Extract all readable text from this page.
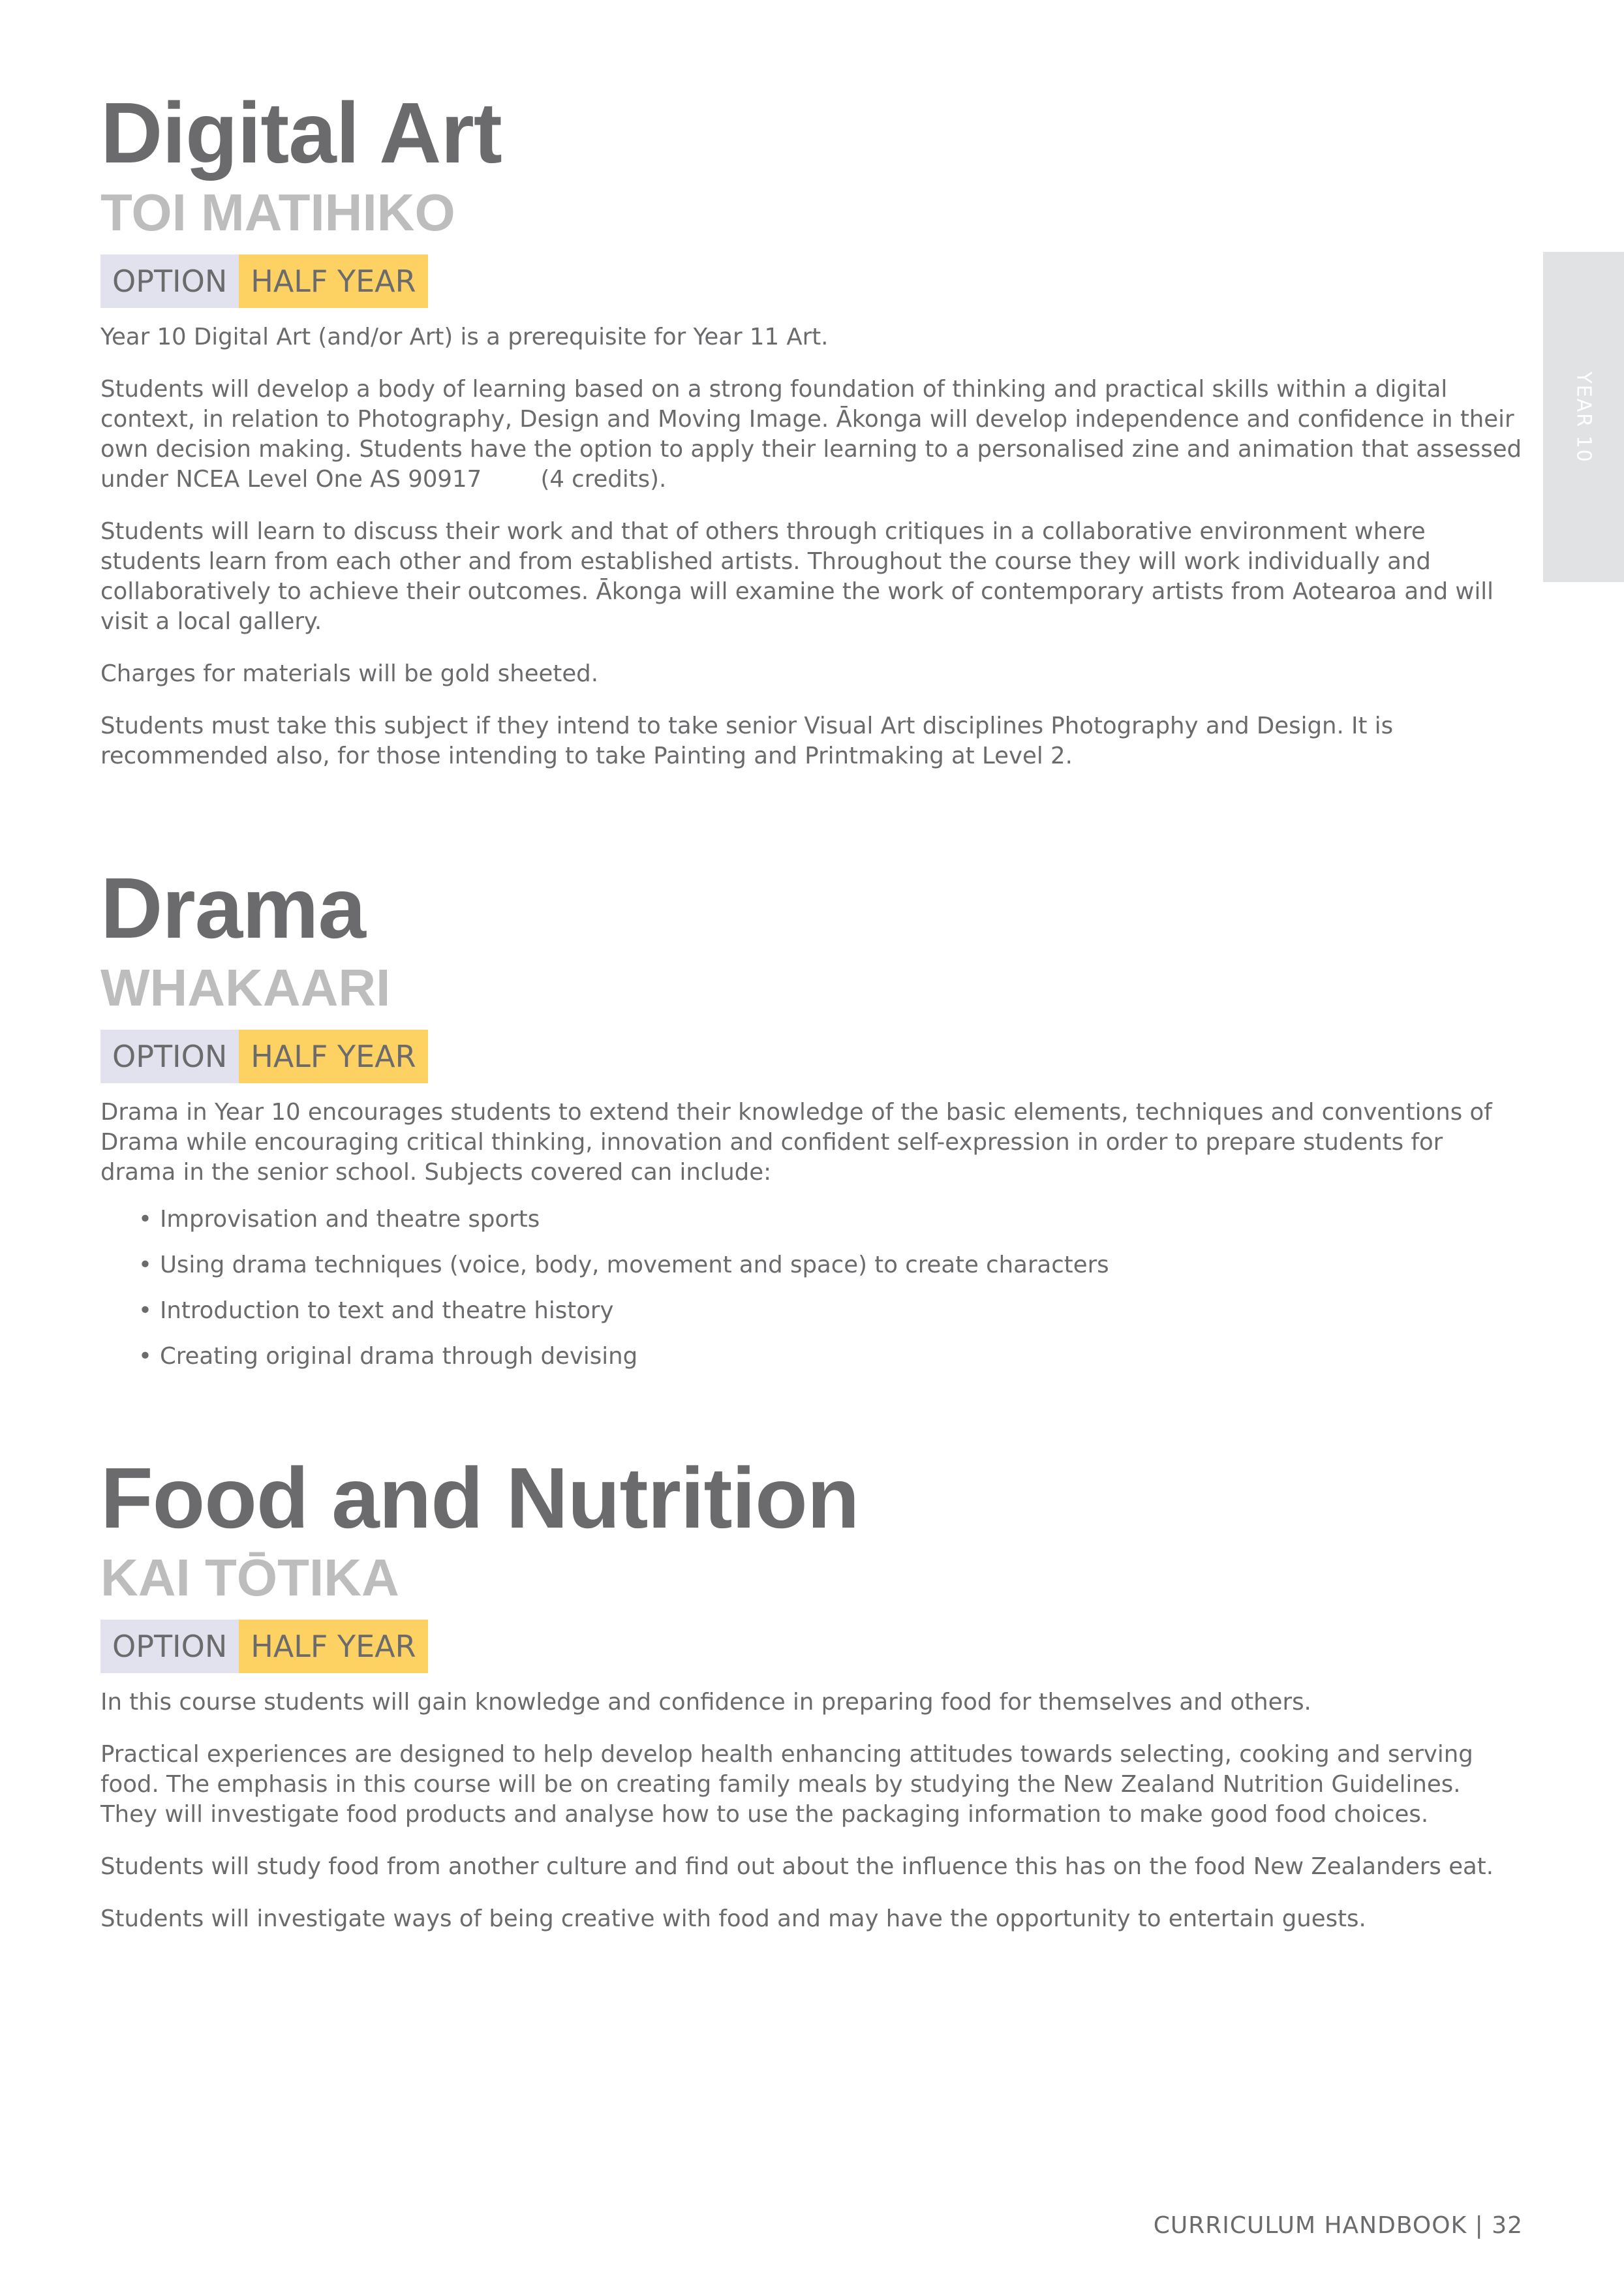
YEAR 10
Digital Art
TOI MATIHIKO
OPTION HALF YEAR

Year 10 Digital Art (and/or Art) is a prerequisite for Year 11 Art.

Students will develop a body of learning based on a strong foundation of thinking and practical skills within a digital context, in relation to Photography, Design and Moving Image. Ākonga will develop independence and confidence in their own decision making. Students have the option to apply their learning to a personalised zine and animation that assessed under NCEA Level One AS 90917        (4 credits).

Students will learn to discuss their work and that of others through critiques in a collaborative environment where students learn from each other and from established artists. Throughout the course they will work individually and collaboratively to achieve their outcomes. Ākonga will examine the work of contemporary artists from Aotearoa and will visit a local gallery.

Charges for materials will be gold sheeted.

Students must take this subject if they intend to take senior Visual Art disciplines Photography and Design. It is recommended also, for those intending to take Painting and Printmaking at Level 2.

Drama
WHAKAARI
OPTION HALF YEAR

Drama in Year 10 encourages students to extend their knowledge of the basic elements, techniques and conventions of Drama while encouraging critical thinking, innovation and confident self-expression in order to prepare students for drama in the senior school. Subjects covered can include:

• Improvisation and theatre sports
• Using drama techniques (voice, body, movement and space) to create characters
• Introduction to text and theatre history
• Creating original drama through devising
Food and Nutrition
KAI TŌTIKA
OPTION HALF YEAR

In this course students will gain knowledge and confidence in preparing food for themselves and others.

Practical experiences are designed to help develop health enhancing attitudes towards selecting, cooking and serving food. The emphasis in this course will be on creating family meals by studying the New Zealand Nutrition Guidelines. They will investigate food products and analyse how to use the packaging information to make good food choices.

Students will study food from another culture and find out about the influence this has on the food New Zealanders eat.

Students will investigate ways of being creative with food and may have the opportunity to entertain guests.

CURRICULUM HANDBOOK | 32
